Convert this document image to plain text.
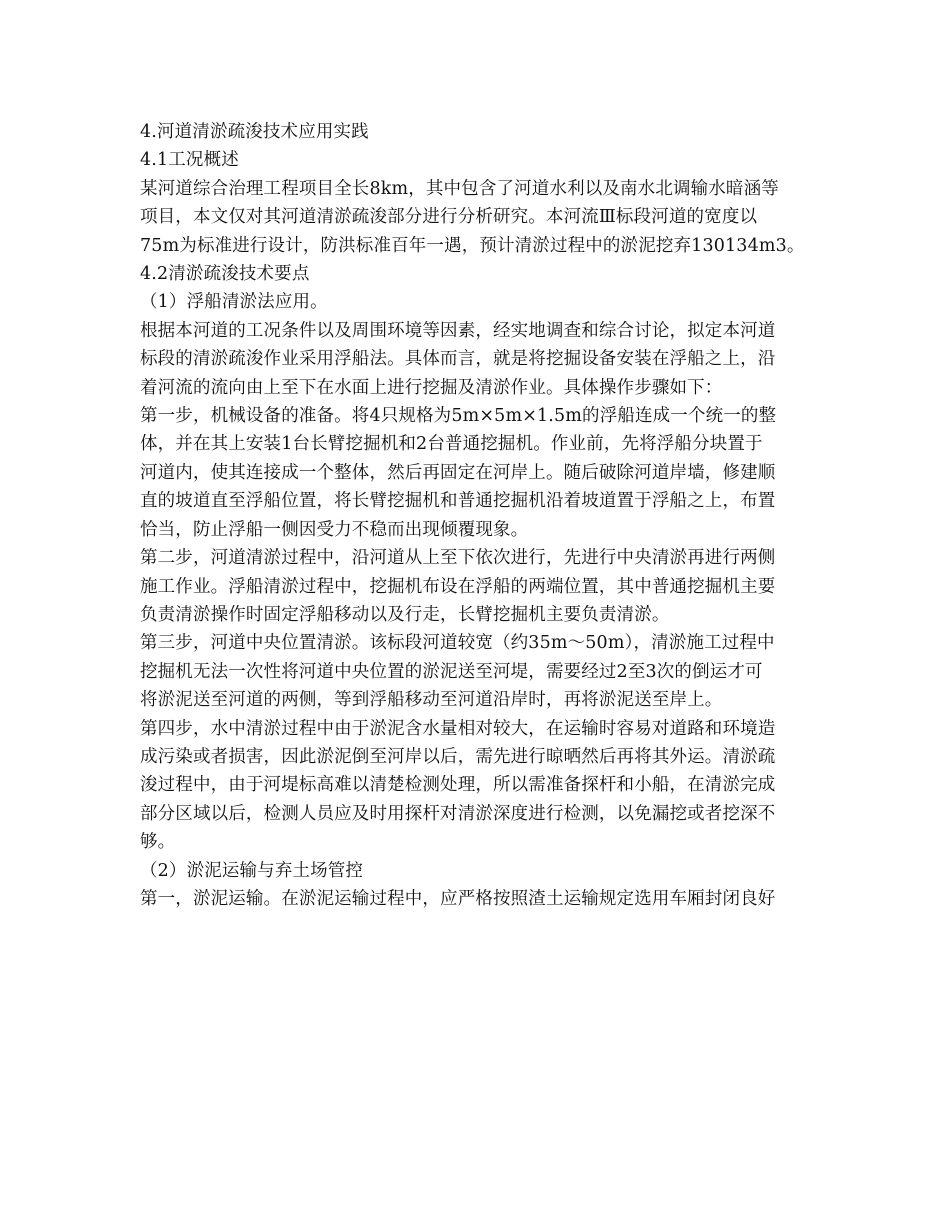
4.河道清淤疏浚技术应用实践
4.1工况概述
某河道综合治理工程项目全长8km，其中包含了河道水利以及南水北调输水暗涵等
项目，本文仅对其河道清淤疏浚部分进行分析研究。本河流Ⅲ标段河道的宽度以
75m为标准进行设计，防洪标准百年一遇，预计清淤过程中的淤泥挖弃130134m3。
4.2清淤疏浚技术要点
（1）浮船清淤法应用。
根据本河道的工况条件以及周围环境等因素，经实地调查和综合讨论，拟定本河道
标段的清淤疏浚作业采用浮船法。具体而言，就是将挖掘设备安装在浮船之上，沿
着河流的流向由上至下在水面上进行挖掘及清淤作业。具体操作步骤如下：
第一步，机械设备的准备。将4只规格为5m×5m×1.5m的浮船连成一个统一的整
体，并在其上安装1台长臂挖掘机和2台普通挖掘机。作业前，先将浮船分块置于
河道内，使其连接成一个整体，然后再固定在河岸上。随后破除河道岸墙，修建顺
直的坡道直至浮船位置，将长臂挖掘机和普通挖掘机沿着坡道置于浮船之上，布置
恰当，防止浮船一侧因受力不稳而出现倾覆现象。
第二步，河道清淤过程中，沿河道从上至下依次进行，先进行中央清淤再进行两侧
施工作业。浮船清淤过程中，挖掘机布设在浮船的两端位置，其中普通挖掘机主要
负责清淤操作时固定浮船移动以及行走，长臂挖掘机主要负责清淤。
第三步，河道中央位置清淤。该标段河道较宽（约35m～50m），清淤施工过程中
挖掘机无法一次性将河道中央位置的淤泥送至河堤，需要经过2至3次的倒运才可
将淤泥送至河道的两侧，等到浮船移动至河道沿岸时，再将淤泥送至岸上。
第四步，水中清淤过程中由于淤泥含水量相对较大，在运输时容易对道路和环境造
成污染或者损害，因此淤泥倒至河岸以后，需先进行晾晒然后再将其外运。清淤疏
浚过程中，由于河堤标高难以清楚检测处理，所以需准备探杆和小船，在清淤完成
部分区域以后，检测人员应及时用探杆对清淤深度进行检测，以免漏挖或者挖深不
够。
（2）淤泥运输与弃土场管控
第一，淤泥运输。在淤泥运输过程中，应严格按照渣土运输规定选用车厢封闭良好
